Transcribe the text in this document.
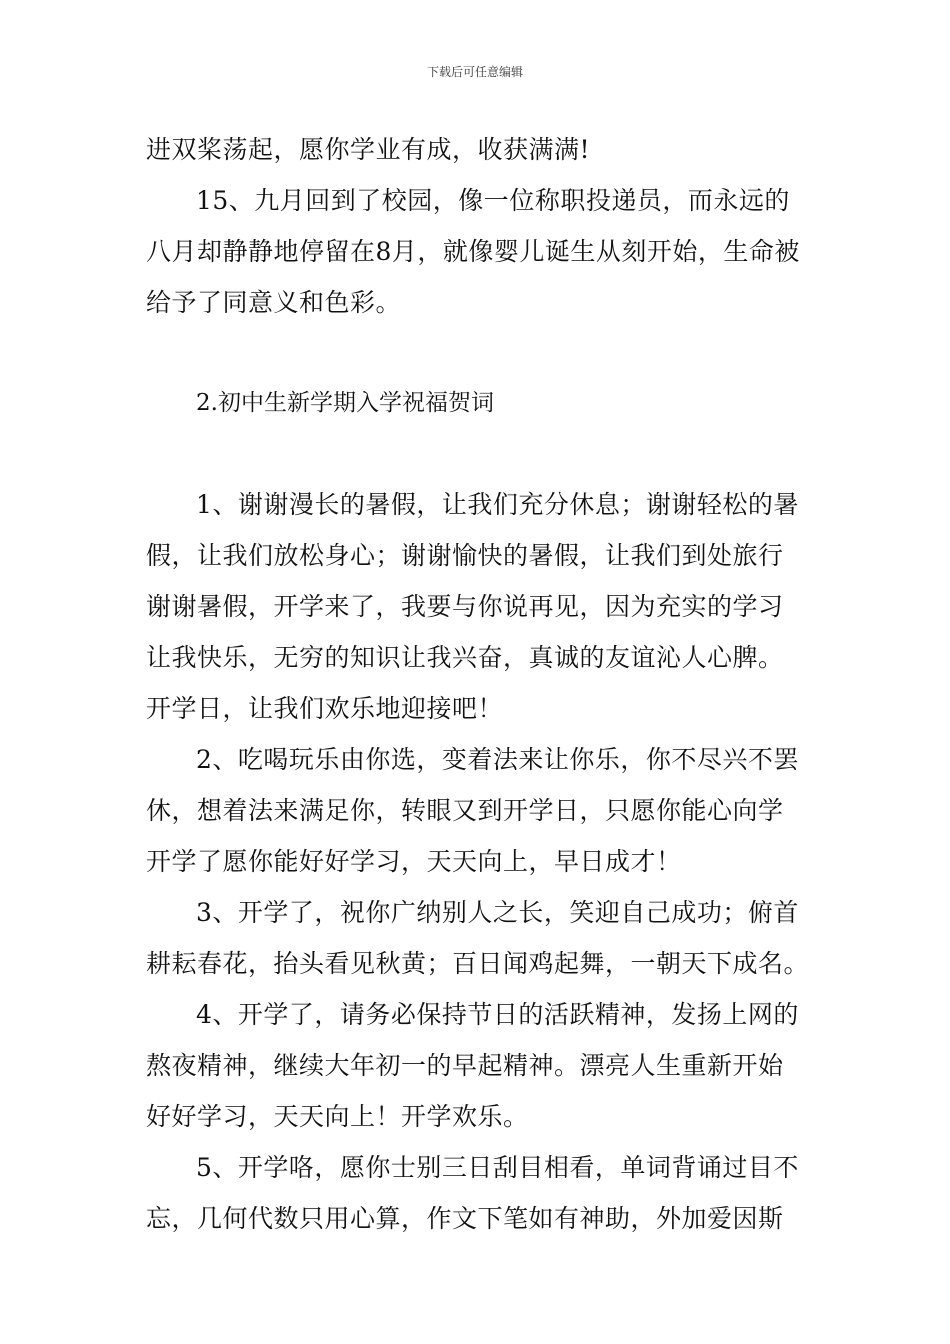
下载后可任意编辑
进双桨荡起，愿你学业有成，收获满满!
15、九月回到了校园，像一位称职投递员，而永远的
八月却静静地停留在8月，就像婴儿诞生从刻开始，生命被
给予了同意义和色彩。
2.初中生新学期入学祝福贺词
1、谢谢漫长的暑假，让我们充分休息；谢谢轻松的暑
假，让我们放松身心；谢谢愉快的暑假，让我们到处旅行
谢谢暑假，开学来了，我要与你说再见，因为充实的学习
让我快乐，无穷的知识让我兴奋，真诚的友谊沁人心脾。
开学日，让我们欢乐地迎接吧！
2、吃喝玩乐由你选，变着法来让你乐，你不尽兴不罢
休，想着法来满足你，转眼又到开学日，只愿你能心向学
开学了愿你能好好学习，天天向上，早日成才！
3、开学了，祝你广纳别人之长，笑迎自己成功；俯首
耕耘春花，抬头看见秋黄；百日闻鸡起舞，一朝天下成名。
4、开学了，请务必保持节日的活跃精神，发扬上网的
熬夜精神，继续大年初一的早起精神。漂亮人生重新开始
好好学习，天天向上！开学欢乐。
5、开学咯，愿你士别三日刮目相看，单词背诵过目不
忘，几何代数只用心算，作文下笔如有神助，外加爱因斯
